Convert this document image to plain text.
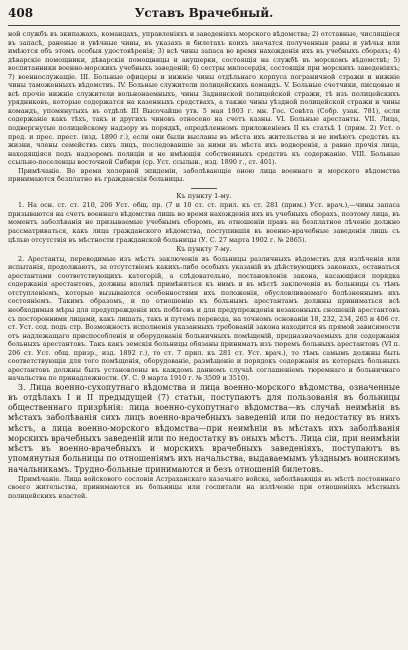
408	Уставъ Врачебный.

ной службъ въ экипажахъ, командахъ, управленіяхъ и заведеніяхъ морского вѣдомства; 2) отставные, числящіеся въ запасѣ, раненые и увѣчные чины, въ указахъ и билетахъ коихъ значатся полученныя раны и увѣчья или имѣются объ этомъ особыя удостовѣренія; 3) всѣ чины запаса во время нахожденія ихъ въ учебныхъ сборахъ; 4) дѣварскіе помощники, дѣварскія помощницы и акушерки, состоящія на службѣ въ морскомъ вѣдомствѣ; 5) воспитанники военно-морскихъ учебныхъ заведеній; 6) сестры милосердія, состоящія при морскихъ заведеніяхъ; 7) военнослужащіе. III. Больные офицеры и нижніе чины отдѣльнаго корпуса пограничной стражи и нижніе чины таможенныхъ вѣдомствъ. IV. Больные служители полицейскихъ командъ. V. Больные счетчики, писцовые и всѣ прочіе нижніе служители вольнонаемныхъ, чины Заднянской полицейской стражи, тѣ изъ полицейскихъ урядниковъ, которые содержатся на казенныхъ средствахъ, а также чины уѣздной полицейской стражи и чины командъ, упомянутыхъ въ отдѣлѣ III Высочайше утв. 5 мая 1903 г. мн. Гос. Совѣта (Собр. узак. 781), если содержаніе какъ тѣхъ, такъ и другихъ чиновъ отнесено на счетъ казны. VI. Больные арестанты. VII. Лица, подвергнутые полицейскому надзору въ порядкѣ, опредѣленномъ приложеніемъ II къ статьѣ 1 (прим. 2) Уст. о пред. и прес. прест. (изд. 1890 г.), если они были высланы въ мѣста ихъ жительства и не имѣютъ средствъ къ жизни, члены семействъ сихъ лицъ, последовавшіе за ними въ мѣста ихъ водворенія, а равно прочія лица, находящіяся подъ надзоромъ полиціи и не имѣющія собственныхъ средствъ къ содержанію. VIII. Больные ссыльно-поселенцы восточной Сибири (ср. Уст. ссылын., изд. 1890 г., ст. 401).

Примѣчаніе. Во время холерной эпидеміи, заболѣвающіе оною лица военнаго и морского вѣдомства принимаются безплатно въ гражданскія больницы.

Къ пункту 1-му.

1. На осн. ст. ст. 210, 206 Уст. общ. пр. (7 и 10 ст. ст. прил. къ ст. 281 (прим.) Уст. врач.),—чины запаса призываются на счетъ военнаго вѣдомства лишь во время нахожденія ихъ въ учебныхъ сборахъ, поэтому лица, въ моментъ заболѣванія не призываемые учебнымъ сборомъ, въ отношеніи правъ на безплатное лѣченіе должно рассматриваться, какъ лица гражданского вѣдомства, поступившія въ военно-врачебные заведенія лишь съ цѣлью отсутствія въ мѣстности гражданской больницы (У. С. 27 марта 1902 г. № 2865).

Къ пункту 7-му.

2. Арестанты, переводимые изъ мѣстъ заключенія въ больницы различныхъ вѣдомствъ для излѣченія или испытанія, продолжаютъ, за отсутствіемъ какихъ-либо особыхъ указаній въ дѣйствующихъ законахъ, оставаться арестантами соответствующихъ категорій, а слѣдовательно, постановленія закона, касающіяся порядка содержанія арестантовъ, должны вполнѣ примѣняться къ нимъ и въ мѣстѣ заключенія въ больницы съ тѣмъ отступленіемъ, которые вызываются особенностями ихъ положенія, обусловливаемаго болѣзненнымъ ихъ состояніемъ. Такимъ образомъ, и по отношенію къ больнымъ арестантамъ должны приниматься всѣ необходимыя мѣры для предупрежденія ихъ побѣговъ и для предупрежденія незаконныхъ сношеній арестантовъ съ посторонними лицами, какъ лишать, такъ и путемъ перевода, на точномъ основаніи 18, 232, 234, 265 и 406 ст. ст. Уст. сод. подъ стр. Возможность исполненія указанныхъ требованій закона находится въ прямой зависимости отъ надлежащаго приспособленія и оборудованія больничныхъ помѣщеній, предназначаемыхъ для содержанія больныхъ арестантовъ. Такъ какъ земскія больницы обязаны принимать изъ тюремъ больныхъ арестантовъ (VI п. 206 ст. Уст. общ. призр., изд. 1892 г.), то ст. 7 прил. къ 281 ст. Уст. врач.), то тѣмъ самымъ должны быть соответствующія для того помѣщенія, оборудованіе, размѣщеніе и порядокъ содержанія въ которыхъ больныхъ арестантовъ должны быть установлены въ каждомъ данномъ случаѣ соглашеніемъ тюремнаго и больничнаго начальства по принадлежности. (У. С. 9 марта 1910 г. № 3509 и 3510).

3. Лица военно-сухопутнаго вѣдомства и лица военно-морского вѣдомства, означенные въ отдѣлахъ I и II предыдущей (7) статьи, поступаютъ для пользованія въ больницы общественнаго призрѣнія: лица военно-сухопутнаго вѣдомства—въ случаѣ неимѣнія въ мѣстахъ заболѣванія сихъ лицъ военно-врачебныхъ заведеній или по недостатку въ нихъ мѣстъ, а лица военно-морского вѣдомства—при неимѣніи въ мѣстахъ ихъ заболѣванія морскихъ врачебныхъ заведеній или по недостатку въ оныхъ мѣстъ. Лица сіи, при неимѣніи мѣстъ въ военно-врачебныхъ и морскихъ врачебныхъ заведеніяхъ, поступаютъ въ упомянутыя больницы по отношеніямъ ихъ начальства, выдаваемымъ уѣзднымъ воинскимъ начальникамъ. Трудно-больные принимаются и безъ отношеній билетовъ.

Примѣчаніе. Лица войскового сословія Астраханскаго казачьяго войска, заболѣвающія въ мѣстѣ постояннаго своего жительства, принимаются въ больницы или госпитали на излѣченіе при отношеніяхъ мѣстныхъ полицейскихъ властей.
